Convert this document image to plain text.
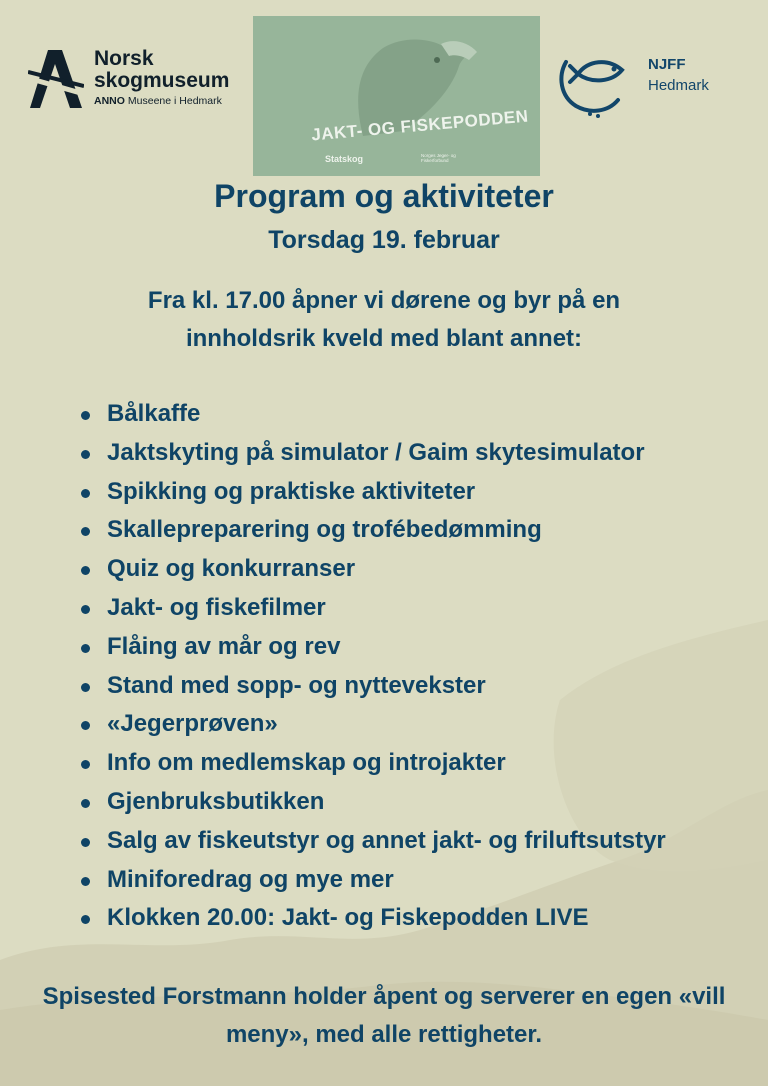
Norsk
skogmuseum
ANNO Museene i Hedmark
JAKT- OG FISKEPODDEN
Statskog	Norges Jeger- og Fiskerforbund
NJFF
Hedmark
Program og aktiviteter
Torsdag 19. februar
Fra kl. 17.00 åpner vi dørene og byr på en innholdsrik kveld med blant annet:
Bålkaffe
Jaktskyting på simulator / Gaim skytesimulator
Spikking og praktiske aktiviteter
Skallepreparering og trofébedømming
Quiz og konkurranser
Jakt- og fiskefilmer
Flåing av mår og rev
Stand med sopp- og nyttevekster
«Jegerprøven»
Info om medlemskap og introjakter
Gjenbruksbutikken
Salg av fiskeutstyr og annet jakt- og friluftsutstyr
Miniforedrag og mye mer
Klokken 20.00: Jakt- og Fiskepodden LIVE
Spisested Forstmann holder åpent og serverer en egen «vill meny», med alle rettigheter.
